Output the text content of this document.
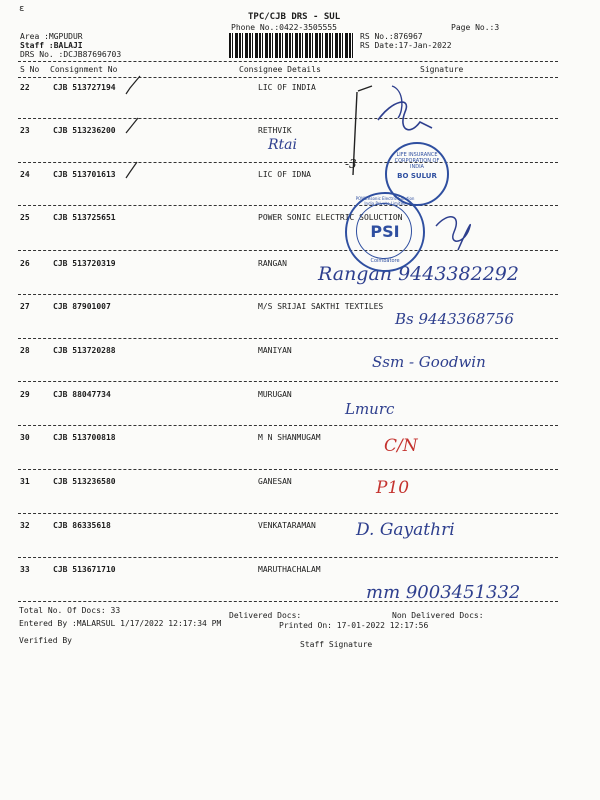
ɛ
TPC/CJB DRS - SUL
Phone No.:0422-3505555	Page No.:3
Area :MGPUDUR
Staff :BALAJI
DRS No. :DCJB87696703
RS No.:876967
RS Date:17-Jan-2022
S No Consignment No	Consignee Details	Signature
22	CJB 513727194	LIC OF INDIA
23	CJB 513236200	RETHVIK
24	CJB 513701613	LIC OF IDNA
25	CJB 513725651	POWER SONIC ELECTRIC SOLUCTION
26	CJB 513720319	RANGAN
27	CJB 87901007	M/S SRIJAI SAKTHI TEXTILES
28	CJB 513720288	MANIYAN
29	CJB 88047734	MURUGAN
30	CJB 513700818	M N SHANMUGAM
31	CJB 513236580	GANESAN
32	CJB 86335618	VENKATARAMAN
33	CJB 513671710	MARUTHACHALAM
Rtai
-3
Rangan 9443382292
Bs 9443368756
Ssm - Goodwin
Lmurc
C/N
P10
D. Gayathri
mm 9003451332
LIFE INSURANCE CORPORATION OF INDIA
BO SULUR
POWERsonic Electric Solution India Private Limited
PSI
Coimbatore
Total No. Of Docs: 33
Delivered Docs:	Non Delivered Docs:
Entered By :MALARSUL 1/17/2022 12:17:34 PM	Printed On: 17-01-2022 12:17:56
Verified By	Staff Signature
